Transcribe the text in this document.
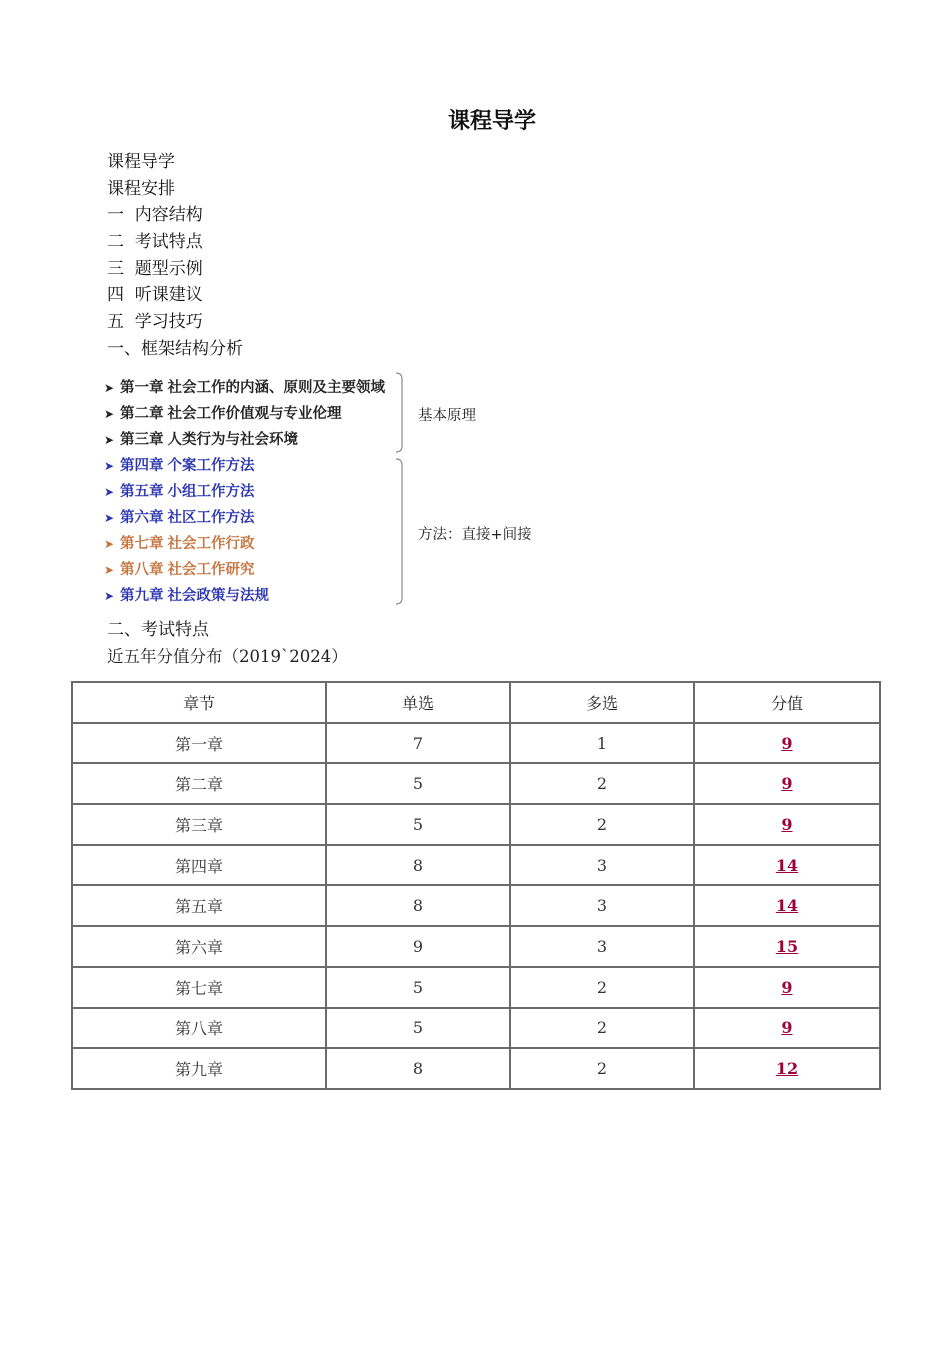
课程导学
课程导学
课程安排
一  内容结构
二  考试特点
三  题型示例
四  听课建议
五  学习技巧
一、框架结构分析
➤ 第一章 社会工作的内涵、原则及主要领域
➤ 第二章 社会工作价值观与专业伦理
➤ 第三章 人类行为与社会环境
➤ 第四章 个案工作方法
➤ 第五章 小组工作方法
➤ 第六章 社区工作方法
➤ 第七章 社会工作行政
➤ 第八章 社会工作研究
➤ 第九章 社会政策与法规
基本原理
方法：直接+间接
二、考试特点
近五年分值分布（2019`2024）
章节	单选	多选	分值
第一章	7	1	9
第二章	5	2	9
第三章	5	2	9
第四章	8	3	14
第五章	8	3	14
第六章	9	3	15
第七章	5	2	9
第八章	5	2	9
第九章	8	2	12
